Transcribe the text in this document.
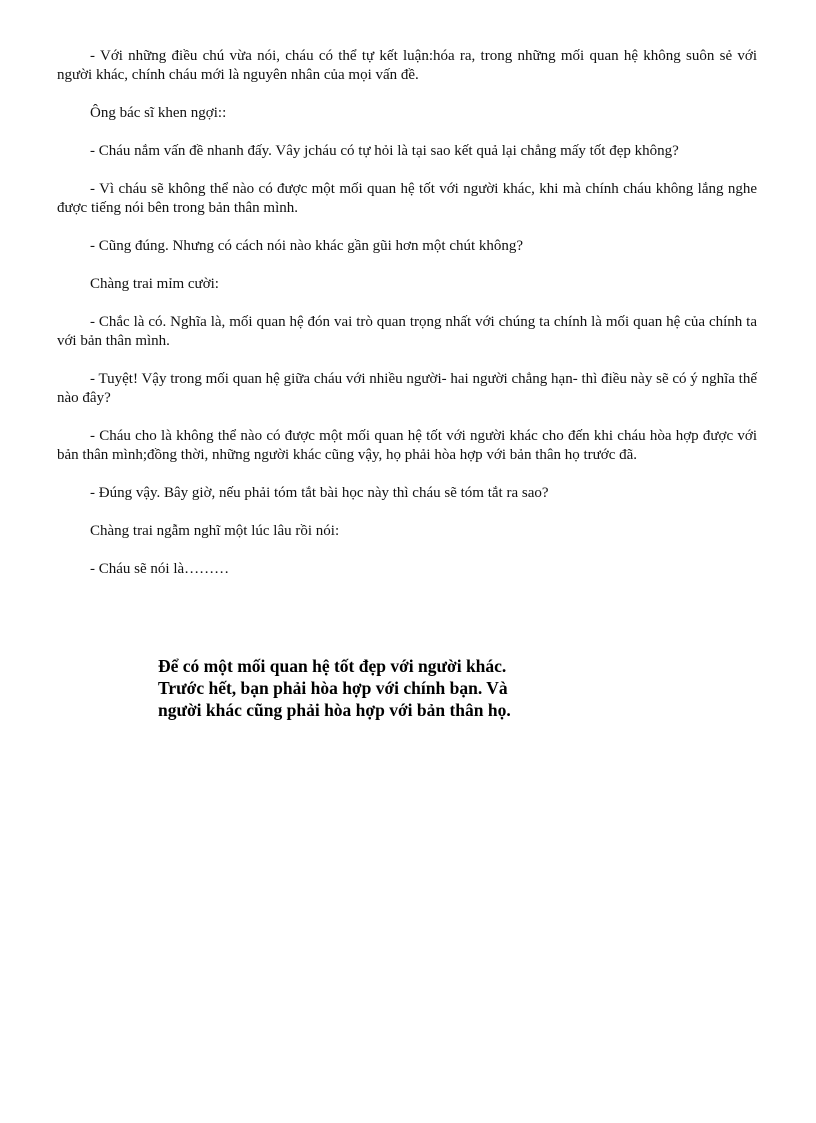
- Với những điều chú vừa nói, cháu có thể tự kết luận:hóa ra, trong những mối quan hệ không suôn sẻ với người khác, chính cháu mới là nguyên nhân của mọi vấn đề.

Ông bác sĩ khen ngợi::

- Cháu nắm vấn đề nhanh đấy. Vây jcháu có tự hỏi là tại sao kết quả lại chẳng mấy tốt đẹp không?

- Vì cháu sẽ không thể nào có được một mối quan hệ tốt với người khác, khi mà chính cháu không lắng nghe được tiếng nói bên trong bản thân mình.

- Cũng đúng. Nhưng có cách nói nào khác gần gũi hơn một chút không?

Chàng trai mỉm cười:

- Chắc là có. Nghĩa là, mối quan hệ đón vai trò quan trọng nhất với chúng ta chính là mối quan hệ của chính ta với bản thân mình.

- Tuyệt! Vậy trong mối quan hệ giữa cháu với nhiều người- hai người chẳng hạn- thì điều này sẽ có ý nghĩa thế nào đây?

- Cháu cho là không thể nào có được một mối quan hệ tốt với người khác cho đến khi cháu hòa hợp được với bản thân mình;đồng thời, những người khác cũng vậy, họ phải hòa hợp với bản thân họ trước đã.

- Đúng vậy. Bây giờ, nếu phải tóm tắt bài học này thì cháu sẽ tóm tắt ra sao?

Chàng trai ngẫm nghĩ một lúc lâu rồi nói:

- Cháu sẽ nói là………

Để có một mối quan hệ tốt đẹp với người khác.
Trước hết, bạn phải hòa hợp với chính bạn. Và
người khác cũng phải hòa hợp với bản thân họ.
